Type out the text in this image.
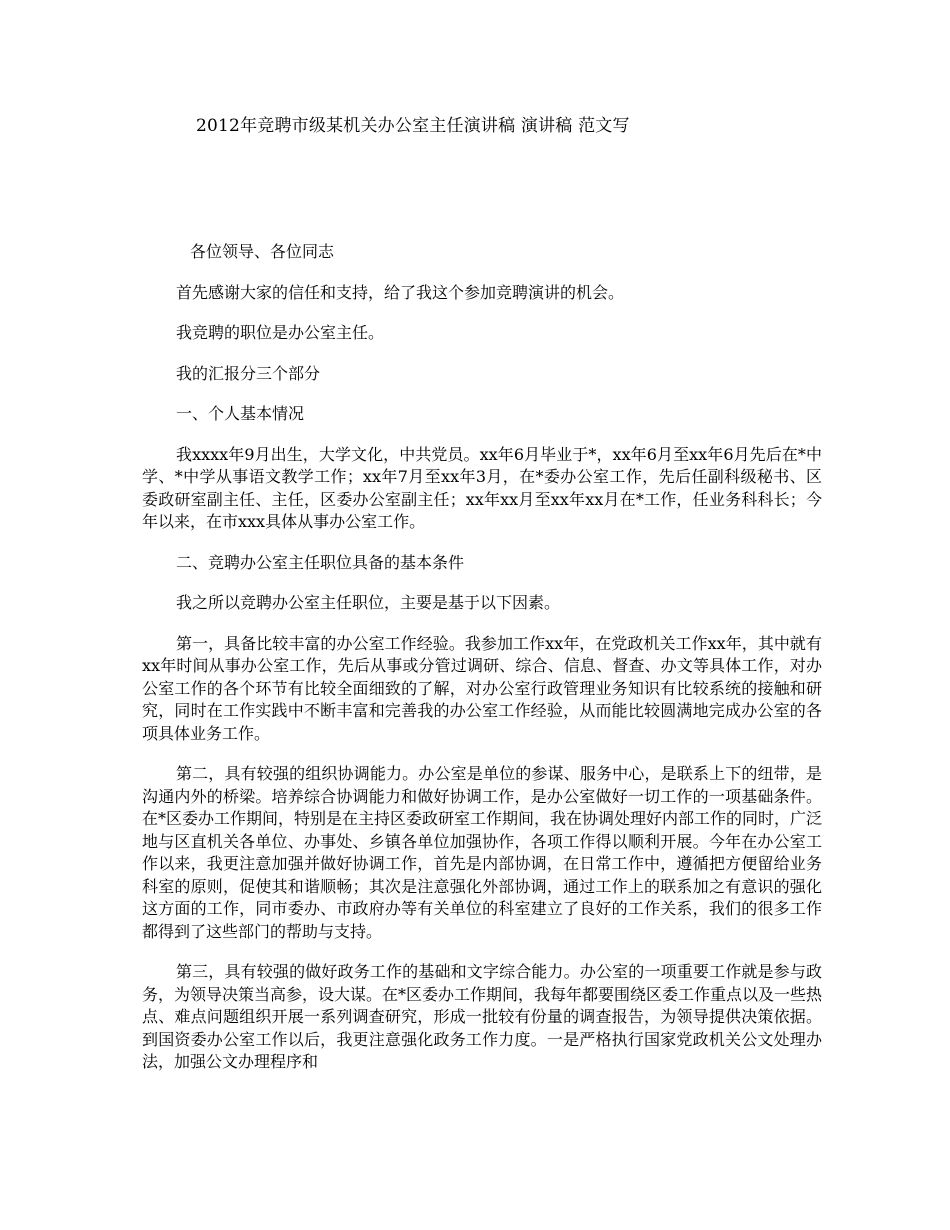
2012年竞聘市级某机关办公室主任演讲稿 演讲稿 范文写

各位领导、各位同志

首先感谢大家的信任和支持，给了我这个参加竞聘演讲的机会。

我竞聘的职位是办公室主任。

我的汇报分三个部分

一、个人基本情况

我xxxx年9月出生，大学文化，中共党员。xx年6月毕业于*，xx年6月至xx年6月先后在*中学、*中学从事语文教学工作；xx年7月至xx年3月，在*委办公室工作，先后任副科级秘书、区委政研室副主任、主任，区委办公室副主任；xx年xx月至xx年xx月在*工作，任业务科科长；今年以来，在市xxx具体从事办公室工作。

二、竞聘办公室主任职位具备的基本条件

我之所以竞聘办公室主任职位，主要是基于以下因素。

第一，具备比较丰富的办公室工作经验。我参加工作xx年，在党政机关工作xx年，其中就有xx年时间从事办公室工作，先后从事或分管过调研、综合、信息、督查、办文等具体工作，对办公室工作的各个环节有比较全面细致的了解，对办公室行政管理业务知识有比较系统的接触和研究，同时在工作实践中不断丰富和完善我的办公室工作经验，从而能比较圆满地完成办公室的各项具体业务工作。

第二，具有较强的组织协调能力。办公室是单位的参谋、服务中心，是联系上下的纽带，是沟通内外的桥梁。培养综合协调能力和做好协调工作，是办公室做好一切工作的一项基础条件。在*区委办工作期间，特别是在主持区委政研室工作期间，我在协调处理好内部工作的同时，广泛地与区直机关各单位、办事处、乡镇各单位加强协作，各项工作得以顺利开展。今年在办公室工作以来，我更注意加强并做好协调工作，首先是内部协调，在日常工作中，遵循把方便留给业务科室的原则，促使其和谐顺畅；其次是注意强化外部协调，通过工作上的联系加之有意识的强化这方面的工作，同市委办、市政府办等有关单位的科室建立了良好的工作关系，我们的很多工作都得到了这些部门的帮助与支持。

第三，具有较强的做好政务工作的基础和文字综合能力。办公室的一项重要工作就是参与政务，为领导决策当高参，设大谋。在*区委办工作期间，我每年都要围绕区委工作重点以及一些热点、难点问题组织开展一系列调查研究，形成一批较有份量的调查报告，为领导提供决策依据。到国资委办公室工作以后，我更注意强化政务工作力度。一是严格执行国家党政机关公文处理办法，加强公文办理程序和
